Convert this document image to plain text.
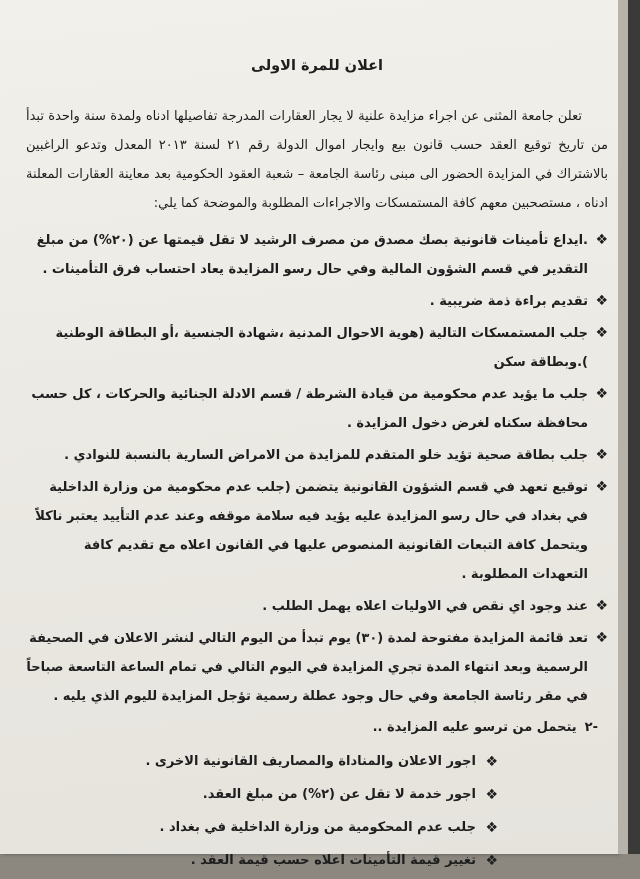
اعلان للمرة الاولى

تعلن جامعة المثنى عن اجراء مزايدة علنية لا يجار العقارات المدرجة تفاصيلها ادناه ولمدة سنة واحدة تبدأ من تاريخ توقيع العقد حسب قانون بيع وايجار اموال الدولة رقم ٢١ لسنة ٢٠١٣ المعدل وتدعو الراغبين بالاشتراك في المزايدة الحضور الى مبنى رئاسة الجامعة – شعبة العقود الحكومية بعد معاينة العقارات المعلنة ادناه ، مستصحبين معهم كافة المستمسكات والاجراءات المطلوبة والموضحة كما يلي:

❖
.ايداع تأمينات قانونية بصك مصدق من مصرف الرشيد لا تقل قيمتها عن (٢٠%) من مبلغ التقدير في قسم الشؤون المالية وفي حال رسو المزايدة يعاد احتساب فرق التأمينات .
❖
تقديم براءة ذمة ضريبية .
❖
جلب المستمسكات التالية (هوية الاحوال المدنية ،شهادة الجنسية ،أو البطاقة الوطنية ).وبطاقة سكن
❖
جلب ما يؤيد عدم محكومية من قيادة الشرطة / قسم الادلة الجنائية والحركات ، كل حسب محافظة سكناه لغرض دخول المزايدة .
❖
جلب بطاقة صحية تؤيد خلو المتقدم للمزايدة من الامراض السارية بالنسبة للنوادي .
❖
توقيع تعهد في قسم الشؤون القانونية يتضمن (جلب عدم محكومية من وزارة الداخلية في بغداد في حال رسو المزايدة عليه يؤيد فيه سلامة موقفه وعند عدم التأييد يعتبر ناكلاً ويتحمل كافة التبعات القانونية المنصوص عليها في القانون اعلاه مع تقديم كافة التعهدات المطلوبة .
❖
عند وجود اي نقص في الاوليات اعلاه يهمل الطلب .
❖
تعد قائمة المزايدة مفتوحة لمدة (٣٠) يوم تبدأ من اليوم التالي لنشر الاعلان في الصحيفة الرسمية وبعد انتهاء المدة تجري المزايدة في اليوم التالي في تمام الساعة التاسعة صباحاً في مقر رئاسة الجامعة وفي حال وجود عطلة رسمية تؤجل المزايدة لليوم الذي يليه .
-٢يتحمل من ترسو عليه المزايدة ..
❖
اجور الاعلان والمناداة والمصاريف القانونية الاخرى .
❖
اجور خدمة لا تقل عن (٢%) من مبلغ العقد.
❖
جلب عدم المحكومية من وزارة الداخلية في بغداد .
❖
تغيير قيمة التأمينات اعلاه حسب قيمة العقد .
